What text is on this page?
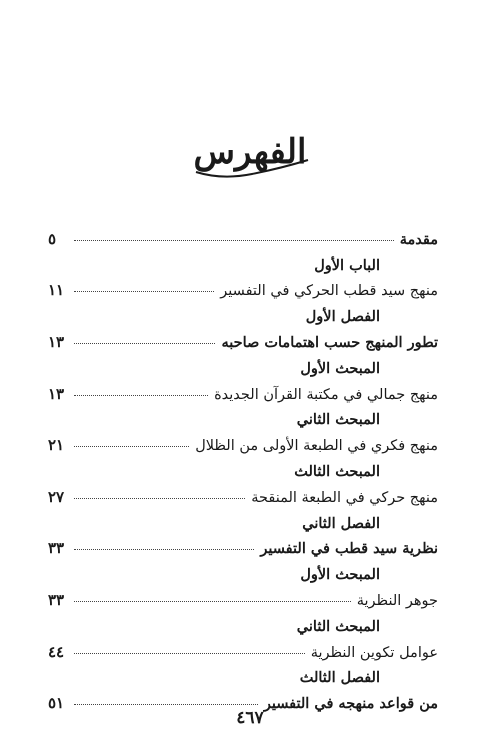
الفهرس
مقدمة
٥
الباب الأول
منهج سيد قطب الحركي في التفسير
١١
الفصل الأول
تطور المنهج حسب اهتمامات صاحبه
١٣
المبحث الأول
منهج جمالي في مكتبة القرآن الجديدة
١٣
المبحث الثاني
منهج فكري في الطبعة الأولى من الظلال
٢١
المبحث الثالث
منهج حركي في الطبعة المنقحة
٢٧
الفصل الثاني
نظرية سيد قطب في التفسير
٣٣
المبحث الأول
جوهر النظرية
٣٣
المبحث الثاني
عوامل تكوين النظرية
٤٤
الفصل الثالث
من قواعد منهجه في التفسير
٥١
٤٦٧
